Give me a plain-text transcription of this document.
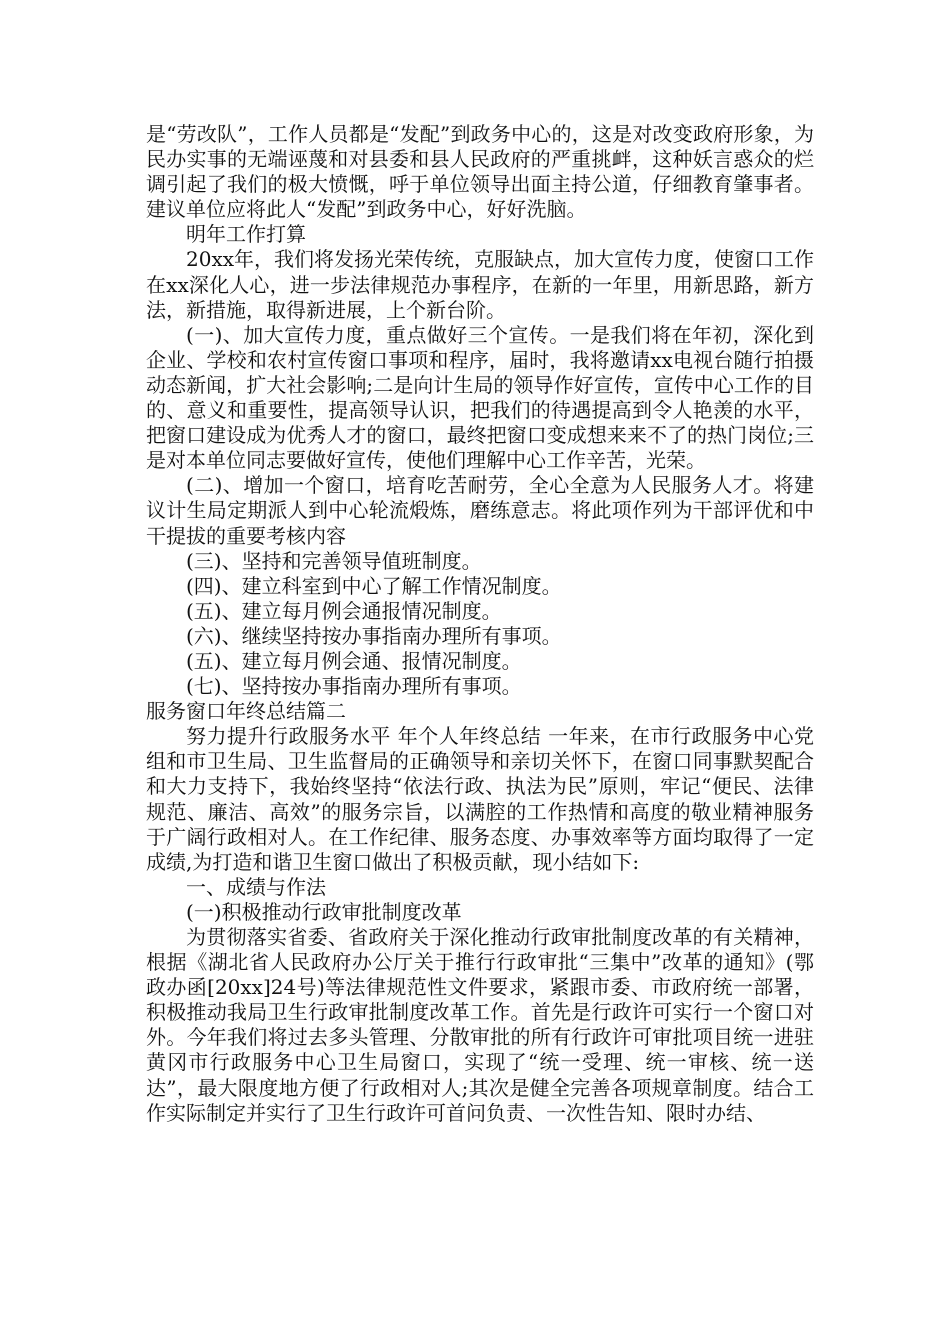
是“劳改队”，工作人员都是“发配”到政务中心的，这是对改变政府形象，为民办实事的无端诬蔑和对县委和县人民政府的严重挑衅，这种妖言惑众的烂调引起了我们的极大愤慨，呼于单位领导出面主持公道，仔细教育肇事者。建议单位应将此人“发配”到政务中心，好好洗脑。

明年工作打算

20xx年，我们将发扬光荣传统，克服缺点，加大宣传力度，使窗口工作在xx深化人心，进一步法律规范办事程序，在新的一年里，用新思路，新方法，新措施，取得新进展，上个新台阶。

(一)、加大宣传力度，重点做好三个宣传。一是我们将在年初，深化到企业、学校和农村宣传窗口事项和程序，届时，我将邀请xx电视台随行拍摄动态新闻，扩大社会影响;二是向计生局的领导作好宣传，宣传中心工作的目的、意义和重要性，提高领导认识，把我们的待遇提高到令人艳羡的水平，把窗口建设成为优秀人才的窗口，最终把窗口变成想来来不了的热门岗位;三是对本单位同志要做好宣传，使他们理解中心工作辛苦，光荣。

(二)、增加一个窗口，培育吃苦耐劳，全心全意为人民服务人才。将建议计生局定期派人到中心轮流煅炼，磨练意志。将此项作列为干部评优和中干提拔的重要考核内容

(三)、坚持和完善领导值班制度。

(四)、建立科室到中心了解工作情况制度。

(五)、建立每月例会通报情况制度。

(六)、继续坚持按办事指南办理所有事项。

(五)、建立每月例会通、报情况制度。

(七)、坚持按办事指南办理所有事项。

服务窗口年终总结篇二

努力提升行政服务水平 年个人年终总结 一年来，在市行政服务中心党组和市卫生局、卫生监督局的正确领导和亲切关怀下，在窗口同事默契配合和大力支持下，我始终坚持“依法行政、执法为民”原则，牢记“便民、法律规范、廉洁、高效”的服务宗旨，以满腔的工作热情和高度的敬业精神服务于广阔行政相对人。在工作纪律、服务态度、办事效率等方面均取得了一定成绩,为打造和谐卫生窗口做出了积极贡献，现小结如下:

一、成绩与作法

(一)积极推动行政审批制度改革

为贯彻落实省委、省政府关于深化推动行政审批制度改革的有关精神，根据《湖北省人民政府办公厅关于推行行政审批“三集中”改革的通知》(鄂政办函[20xx]24号)等法律规范性文件要求，紧跟市委、市政府统一部署，积极推动我局卫生行政审批制度改革工作。首先是行政许可实行一个窗口对外。今年我们将过去多头管理、分散审批的所有行政许可审批项目统一进驻黄冈市行政服务中心卫生局窗口，实现了“统一受理、统一审核、统一送达”，最大限度地方便了行政相对人;其次是健全完善各项规章制度。结合工作实际制定并实行了卫生行政许可首问负责、一次性告知、限时办结、
